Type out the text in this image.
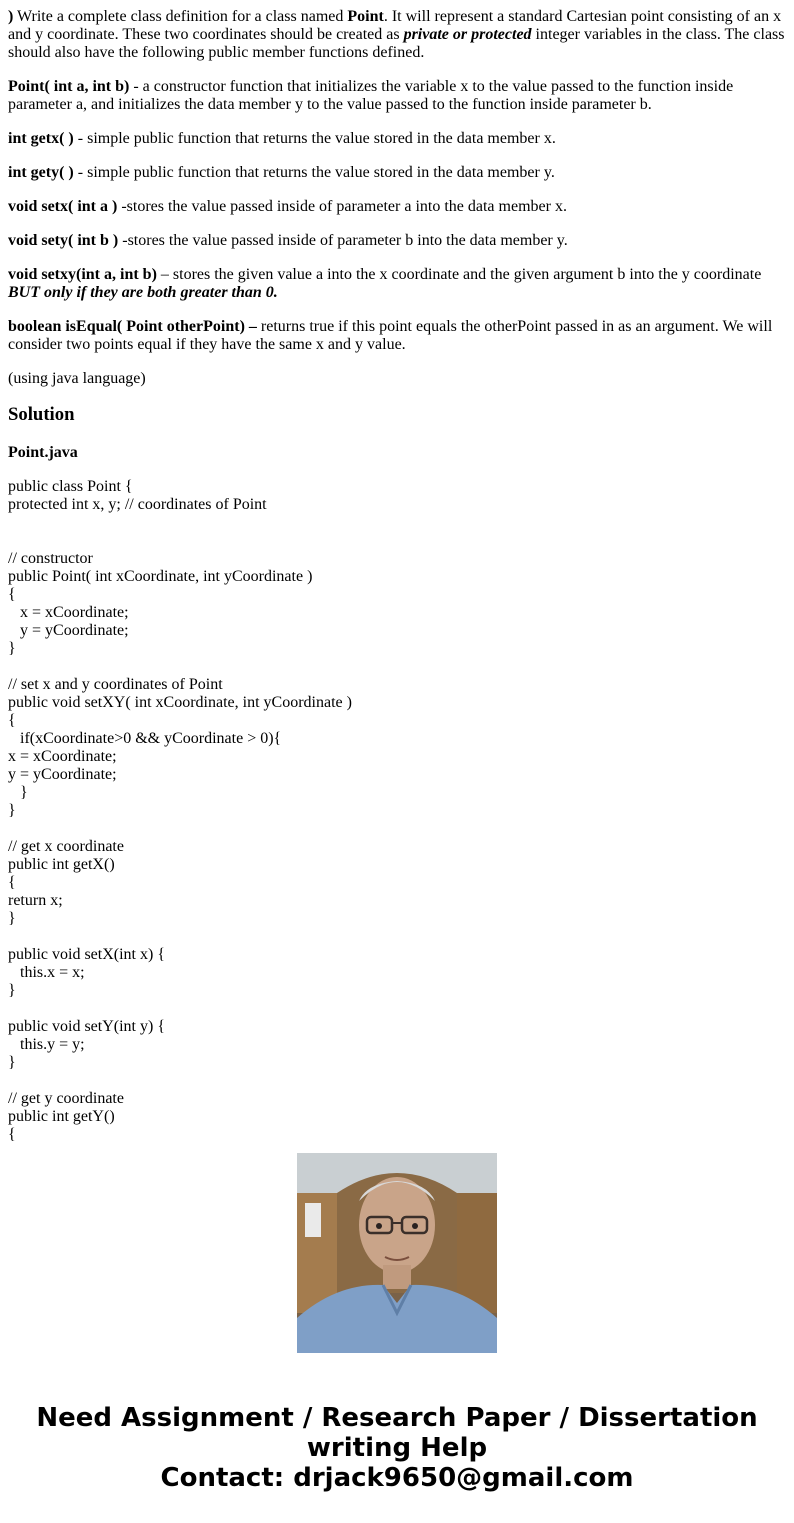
) Write a complete class definition for a class named Point. It will represent a standard Cartesian point consisting of an x and y coordinate. These two coordinates should be created as private or protected integer variables in the class. The class should also have the following public member functions defined.

Point( int a, int b) - a constructor function that initializes the variable x to the value passed to the function inside parameter a, and initializes the data member y to the value passed to the function inside parameter b.

int getx( ) - simple public function that returns the value stored in the data member x.

int gety( ) - simple public function that returns the value stored in the data member y.

void setx( int a ) -stores the value passed inside of parameter a into the data member x.

void sety( int b ) -stores the value passed inside of parameter b into the data member y.

void setxy(int a, int b) – stores the given value a into the x coordinate and the given argument b into the y coordinate BUT only if they are both greater than 0.

boolean isEqual( Point otherPoint) – returns true if this point equals the otherPoint passed in as an argument. We will consider two points equal if they have the same x and y value.

(using java language)

Solution
Point.java
public class Point {
protected int x, y; // coordinates of Point

// constructor
public Point( int xCoordinate, int yCoordinate )
{
x = xCoordinate;
y = yCoordinate;
}

// set x and y coordinates of Point
public void setXY( int xCoordinate, int yCoordinate )
{
if(xCoordinate>0 && yCoordinate > 0){
x = xCoordinate;
y = yCoordinate;
}
}

// get x coordinate
public int getX()
{
return x;
}

public void setX(int x) {
this.x = x;
}

public void setY(int y) {
this.y = y;
}

// get y coordinate
public int getY()
{
Need Assignment / Research Paper / Dissertation
writing Help
Contact: drjack9650@gmail.com
